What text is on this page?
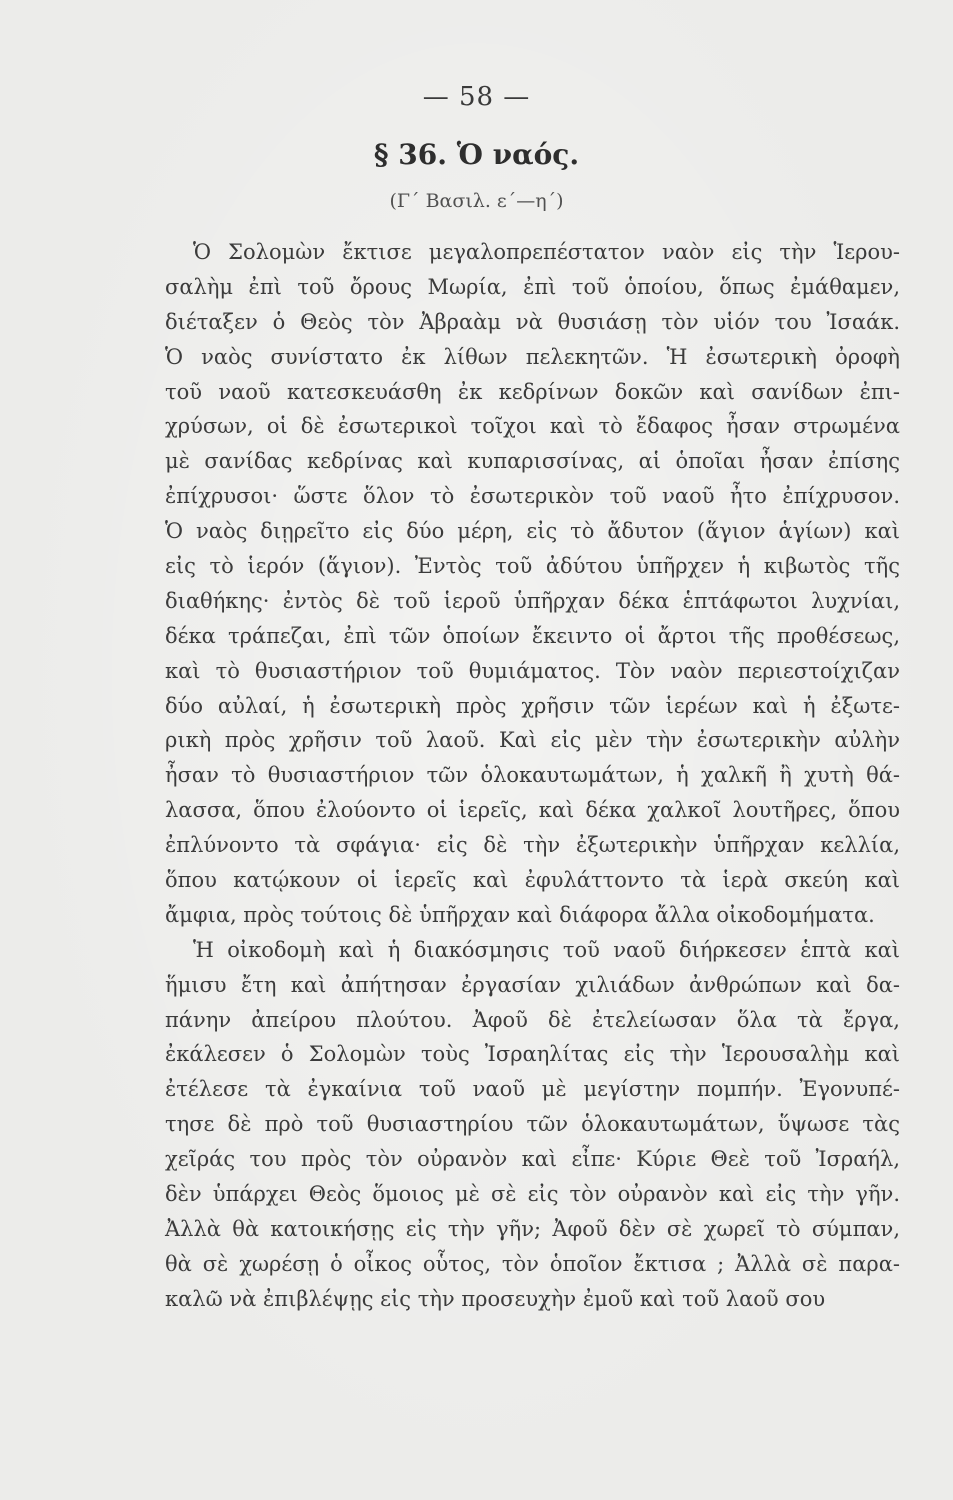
— 58 —
§ 36. Ὁ ναός.
(Γ΄ Βασιλ. ε΄—η΄)
Ὁ Σολομὼν ἔκτισε μεγαλοπρεπέστατον ναὸν εἰς τὴν Ἱερου-
σαλὴμ ἐπὶ τοῦ ὄρους Μωρία, ἐπὶ τοῦ ὁποίου, ὅπως ἐμάθαμεν,
διέταξεν ὁ Θεὸς τὸν Ἀβραὰμ νὰ θυσιάσῃ τὸν υἱόν του Ἰσαάκ.
Ὁ ναὸς συνίστατο ἐκ λίθων πελεκητῶν. Ἡ ἐσωτερικὴ ὀροφὴ
τοῦ ναοῦ κατεσκευάσθη ἐκ κεδρίνων δοκῶν καὶ σανίδων ἐπι-
χρύσων, οἱ δὲ ἐσωτερικοὶ τοῖχοι καὶ τὸ ἔδαφος ἦσαν στρωμένα
μὲ σανίδας κεδρίνας καὶ κυπαρισσίνας, αἱ ὁποῖαι ἦσαν ἐπίσης
ἐπίχρυσοι· ὥστε ὅλον τὸ ἐσωτερικὸν τοῦ ναοῦ ἦτο ἐπίχρυσον.
Ὁ ναὸς διῃρεῖτο εἰς δύο μέρη, εἰς τὸ ἄδυτον (ἅγιον ἁγίων) καὶ
εἰς τὸ ἱερόν (ἅγιον). Ἐντὸς τοῦ ἀδύτου ὑπῆρχεν ἡ κιβωτὸς τῆς
διαθήκης· ἐντὸς δὲ τοῦ ἱεροῦ ὑπῆρχαν δέκα ἑπτάφωτοι λυχνίαι,
δέκα τράπεζαι, ἐπὶ τῶν ὁποίων ἔκειντο οἱ ἄρτοι τῆς προθέσεως,
καὶ τὸ θυσιαστήριον τοῦ θυμιάματος. Τὸν ναὸν περιεστοίχιζαν
δύο αὐλαί, ἡ ἐσωτερικὴ πρὸς χρῆσιν τῶν ἱερέων καὶ ἡ ἐξωτε-
ρικὴ πρὸς χρῆσιν τοῦ λαοῦ. Καὶ εἰς μὲν τὴν ἐσωτερικὴν αὐλὴν
ἦσαν τὸ θυσιαστήριον τῶν ὁλοκαυτωμάτων, ἡ χαλκῆ ἢ χυτὴ θά-
λασσα, ὅπου ἐλούοντο οἱ ἱερεῖς, καὶ δέκα χαλκοῖ λουτῆρες, ὅπου
ἐπλύνοντο τὰ σφάγια· εἰς δὲ τὴν ἐξωτερικὴν ὑπῆρχαν κελλία,
ὅπου κατῴκουν οἱ ἱερεῖς καὶ ἐφυλάττοντο τὰ ἱερὰ σκεύη καὶ
ἄμφια, πρὸς τούτοις δὲ ὑπῆρχαν καὶ διάφορα ἄλλα οἰκοδομήματα.
Ἡ οἰκοδομὴ καὶ ἡ διακόσμησις τοῦ ναοῦ διήρκεσεν ἑπτὰ καὶ
ἥμισυ ἔτη καὶ ἀπήτησαν ἐργασίαν χιλιάδων ἀνθρώπων καὶ δα-
πάνην ἀπείρου πλούτου. Ἀφοῦ δὲ ἐτελείωσαν ὅλα τὰ ἔργα,
ἐκάλεσεν ὁ Σολομὼν τοὺς Ἰσραηλίτας εἰς τὴν Ἱερουσαλὴμ καὶ
ἐτέλεσε τὰ ἐγκαίνια τοῦ ναοῦ μὲ μεγίστην πομπήν. Ἐγονυπέ-
τησε δὲ πρὸ τοῦ θυσιαστηρίου τῶν ὁλοκαυτωμάτων, ὕψωσε τὰς
χεῖράς του πρὸς τὸν οὐρανὸν καὶ εἶπε· Κύριε Θεὲ τοῦ Ἰσραήλ,
δὲν ὑπάρχει Θεὸς ὅμοιος μὲ σὲ εἰς τὸν οὐρανὸν καὶ εἰς τὴν γῆν.
Ἀλλὰ θὰ κατοικήσῃς εἰς τὴν γῆν; Ἀφοῦ δὲν σὲ χωρεῖ τὸ σύμπαν,
θὰ σὲ χωρέσῃ ὁ οἶκος οὗτος, τὸν ὁποῖον ἔκτισα ; Ἀλλὰ σὲ παρα-
καλῶ νὰ ἐπιβλέψῃς εἰς τὴν προσευχὴν ἐμοῦ καὶ τοῦ λαοῦ σου
